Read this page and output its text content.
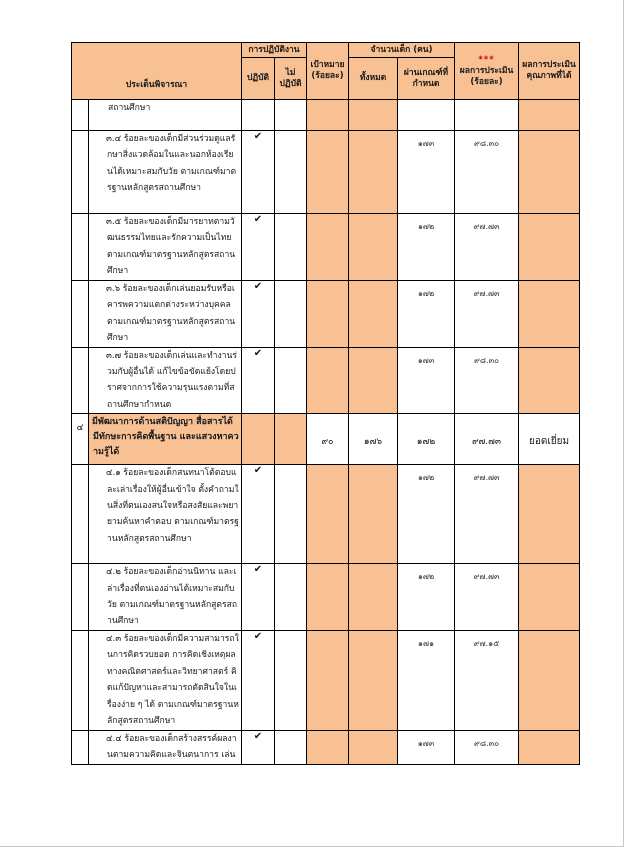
ประเด็นพิจารณา		การปฏิบัติงาน		เป้าหมาย (ร้อยละ)	จำนวนเด็ก (คน)		***
ผลการประเมิน (ร้อยละ)	ผลการประเมินคุณภาพที่ได้
		ปฏิบัติ	ไม่ปฏิบัติ		ทั้งหมด	ผ่านเกณฑ์ที่กำหนด		
	สถานศึกษา							
	๓.๔ ร้อยละของเด็กมีส่วนร่วมดูแลรักษาสิ่งแวดล้อมในและนอกห้องเรียนได้เหมาะสมกับวัย ตามเกณฑ์มาตรฐานหลักสูตรสถานศึกษา	✔				๑๗๓	๙๘.๓๐	
	๓.๕ ร้อยละของเด็กมีมารยาทตามวัฒนธรรมไทยและรักความเป็นไทย ตามเกณฑ์มาตรฐานหลักสูตรสถานศึกษา	✔				๑๗๒	๙๗.๗๓	
	๓.๖ ร้อยละของเด็กเล่นยอมรับหรือเคารพความแตกต่างระหว่างบุคคล ตามเกณฑ์มาตรฐานหลักสูตรสถานศึกษา	✔				๑๗๒	๙๗.๗๓	
	๓.๗ ร้อยละของเด็กเล่นและทำงานร่วมกับผู้อื่นได้ แก้ไขข้อขัดแย้งโดยปราศจากการใช้ความรุนแรงตามที่สถานศึกษากำหนด	✔				๑๗๓	๙๘.๓๐	
๔	มีพัฒนาการด้านสติปัญญา สื่อสารได้ มีทักษะการคิดพื้นฐาน และแสวงหาความรู้ได้			๙๐	๑๗๖	๑๗๒	๙๗.๗๓	ยอดเยี่ยม
	๔.๑ ร้อยละของเด็กสนทนาโต้ตอบและเล่าเรื่องให้ผู้อื่นเข้าใจ ตั้งคำถามในสิ่งที่ตนเองสนใจหรือสงสัยและพยายามค้นหาคำตอบ ตามเกณฑ์มาตรฐานหลักสูตรสถานศึกษา	✔				๑๗๒	๙๗.๗๓	
	๔.๒ ร้อยละของเด็กอ่านนิทาน และเล่าเรื่องที่ตนเองอ่านได้เหมาะสมกับวัย ตามเกณฑ์มาตรฐานหลักสูตรสถานศึกษา	✔				๑๗๒	๙๗.๗๓	
	๔.๓ ร้อยละของเด็กมีความสามารถในการคิดรวบยอด การคิดเชิงเหตุผลทางคณิตศาสตร์และวิทยาศาสตร์ คิดแก้ปัญหาและสามารถตัดสินใจในเรื่องง่าย ๆ ได้ ตามเกณฑ์มาตรฐานหลักสูตรสถานศึกษา	✔				๑๗๑	๙๗.๑๕	
	๔.๔ ร้อยละของเด็กสร้างสรรค์ผลงานตามความคิดและจินตนาการ เล่น	✔				๑๗๓	๙๘.๓๐	
